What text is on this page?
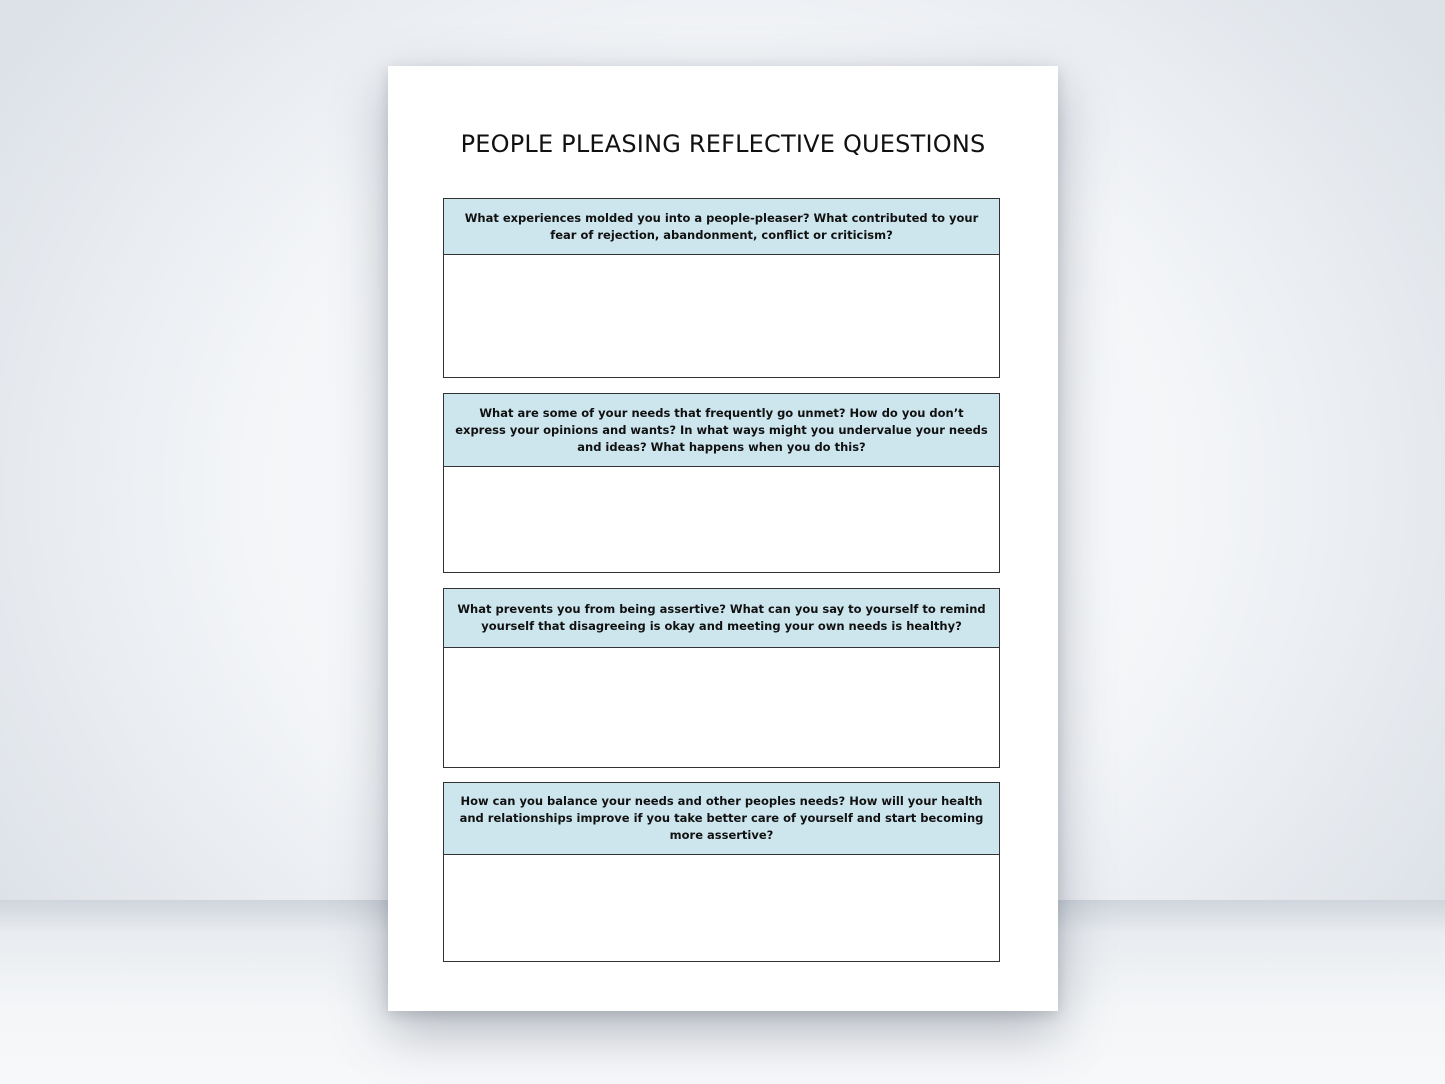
PEOPLE PLEASING REFLECTIVE QUESTIONS
What experiences molded you into a people-pleaser? What contributed to your fear of rejection, abandonment, conflict or criticism?
What are some of your needs that frequently go unmet? How do you don’t express your opinions and wants? In what ways might you undervalue your needs and ideas? What happens when you do this?
What prevents you from being assertive? What can you say to yourself to remind yourself that disagreeing is okay and meeting your own needs is healthy?
How can you balance your needs and other peoples needs? How will your health and relationships improve if you take better care of yourself and start becoming more assertive?
